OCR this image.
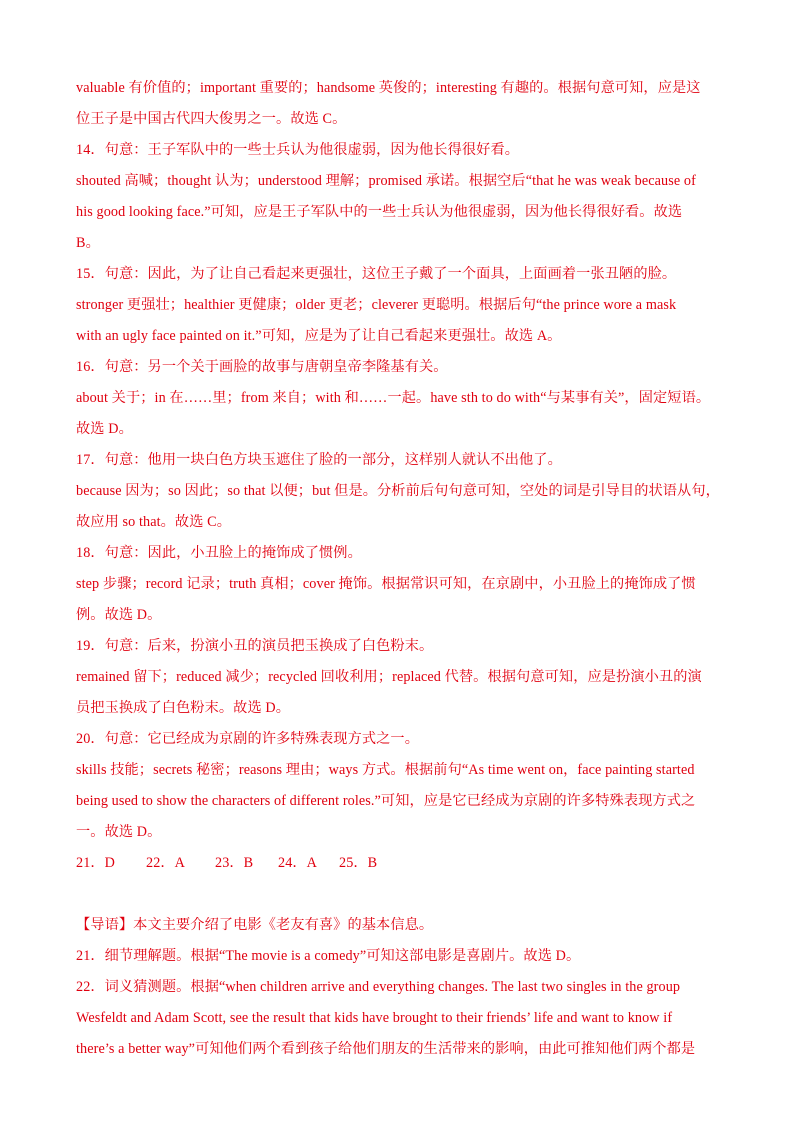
valuable 有价值的；important 重要的；handsome 英俊的；interesting 有趣的。根据句意可知，应是这
位王子是中国古代四大俊男之一。故选 C。
14．句意：王子军队中的一些士兵认为他很虚弱，因为他长得很好看。
shouted 高喊；thought 认为；understood 理解；promised 承诺。根据空后“that he was weak because of
his good looking face.”可知，应是王子军队中的一些士兵认为他很虚弱，因为他长得很好看。故选
B。
15．句意：因此，为了让自己看起来更强壮，这位王子戴了一个面具，上面画着一张丑陋的脸。
stronger 更强壮；healthier 更健康；older 更老；cleverer 更聪明。根据后句“the prince wore a mask
with an ugly face painted on it.”可知，应是为了让自己看起来更强壮。故选 A。
16．句意：另一个关于画脸的故事与唐朝皇帝李隆基有关。
about 关于；in 在……里；from 来自；with 和……一起。have sth to do with“与某事有关”，固定短语。
故选 D。
17．句意：他用一块白色方块玉遮住了脸的一部分，这样别人就认不出他了。
because 因为；so 因此；so that 以便；but 但是。分析前后句句意可知，空处的词是引导目的状语从句，
故应用 so that。故选 C。
18．句意：因此，小丑脸上的掩饰成了惯例。
step 步骤；record 记录；truth 真相；cover 掩饰。根据常识可知，在京剧中，小丑脸上的掩饰成了惯
例。故选 D。
19．句意：后来，扮演小丑的演员把玉换成了白色粉末。
remained 留下；reduced 减少；recycled 回收利用；replaced 代替。根据句意可知，应是扮演小丑的演
员把玉换成了白色粉末。故选 D。
20．句意：它已经成为京剧的许多特殊表现方式之一。
skills 技能；secrets 秘密；reasons 理由；ways 方式。根据前句“As time went on，face painting started
being used to show the characters of different roles.”可知，应是它已经成为京剧的许多特殊表现方式之
一。故选 D。
21．D 22．A 23．B 24．A 25．B
【导语】本文主要介绍了电影《老友有喜》的基本信息。
21．细节理解题。根据“The movie is a comedy”可知这部电影是喜剧片。故选 D。
22．词义猜测题。根据“when children arrive and everything changes. The last two singles in the group
Wesfeldt and Adam Scott, see the result that kids have brought to their friends’ life and want to know if
there’s a better way”可知他们两个看到孩子给他们朋友的生活带来的影响，由此可推知他们两个都是
